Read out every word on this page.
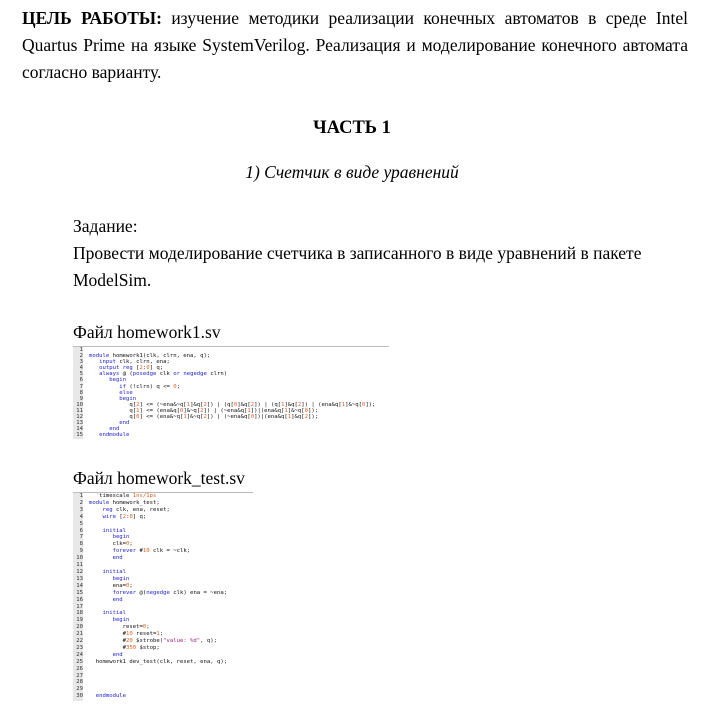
ЦЕЛЬ РАБОТЫ: изучение методики реализации конечных автоматов в среде Intel Quartus Prime на языке SystemVerilog. Реализация и моделирование конечного автомата согласно варианту.
ЧАСТЬ 1
1) Счетчик в виде уравнений
Задание:
Провести моделирование счетчика в записанного в виде уравнений в пакете ModelSim.
Файл homework1.sv
1
2
3
4
5
6
7
8
9
10
11
12
13
14
15

module homework1(clk, clrn, ena, q);
input clk, clrn, ena;
output reg [2:0] q;
always @ (posedge clk or negedge clrn)
begin
if (!clrn) q <= 0;
else
begin
q[2] <= (~ena&~q[1]&q[2]) | (q[0]&q[2]) | (q[1]&q[2]) | (ena&q[1]&~q[0]);
q[1] <= (ena&q[0]&~q[2]) | (~ena&q[1])|(ena&q[1]&~q[0]);
q[0] <= (ena&~q[1]&~q[2]) | (~ena&q[0])|(ena&q[1]&q[2]);
end
end
endmodule
Файл homework_test.sv
1
2
3
4
5
6
7
8
9
10
11
12
13
14
15
16
17
18
19
20
21
22
23
24
25
26
27
28
29
30
`timescale 1ns/1ps
module homework_test;
reg clk, ena, reset;
wire [2:0] q;

initial
begin
clk=0;
forever #10 clk = ~clk;
end

initial
begin
ena=0;
forever @(negedge clk) ena = ~ena;
end

initial
begin
reset=0;
#10 reset=1;
#20 $strobe("value: %d", q);
#350 $stop;
end
homework1 dev_test(clk, reset, ena, q);

endmodule
